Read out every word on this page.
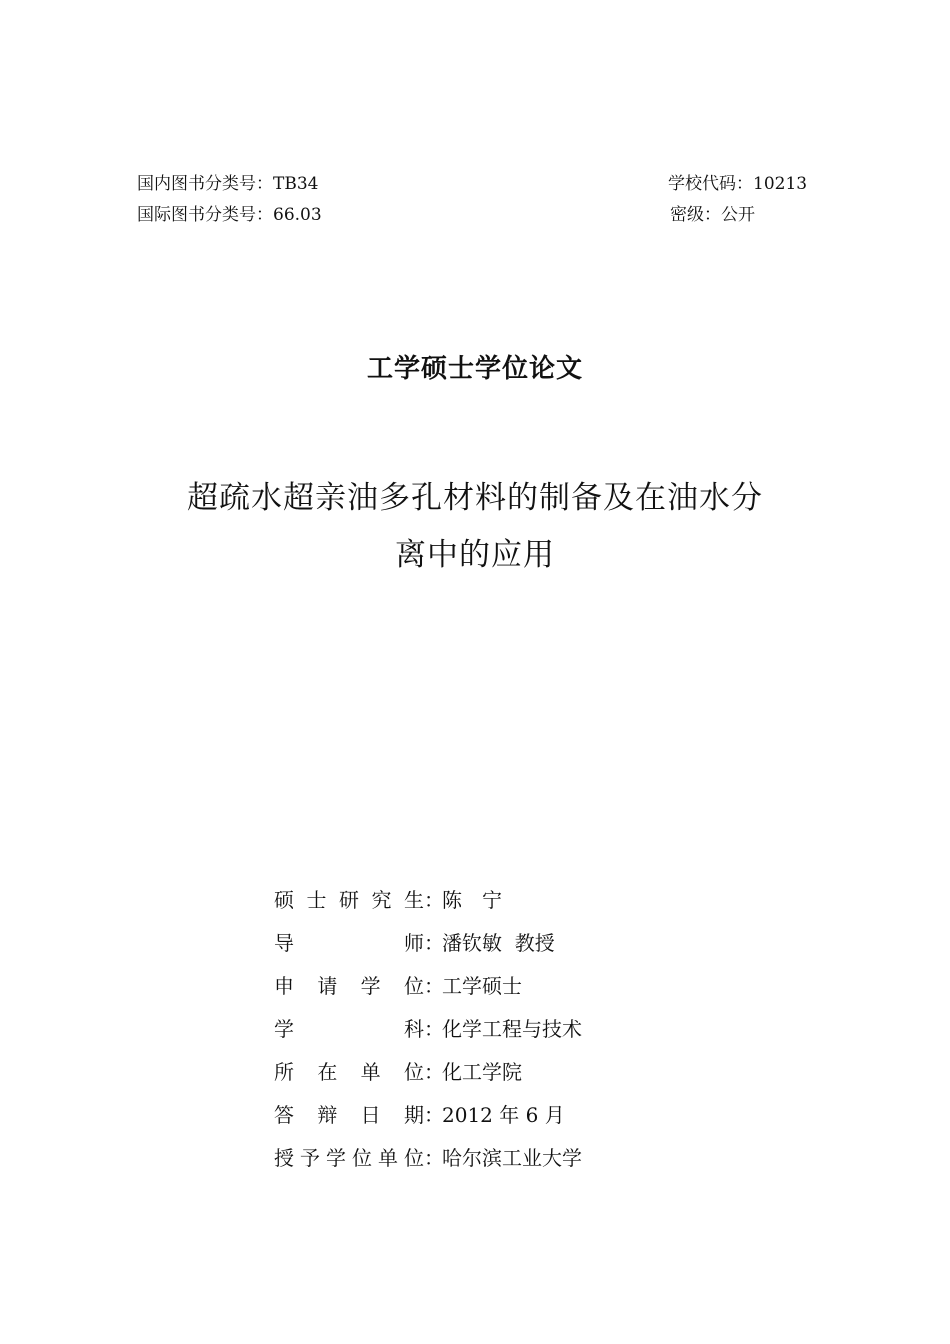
国内图书分类号：TB34
国际图书分类号：66.03
学校代码：10213
密级：公开
工学硕士学位论文
超疏水超亲油多孔材料的制备及在油水分
离中的应用
硕 士 研 究 生 ：
陈　宁
导	师 ：
潘钦敏  教授
申 请 学 位 ：
工学硕士
学	科 ：
化学工程与技术
所 在 单 位 ：
化工学院
答 辩 日 期 ：
2012 年 6 月
授 予 学 位 单 位 ：
哈尔滨工业大学
